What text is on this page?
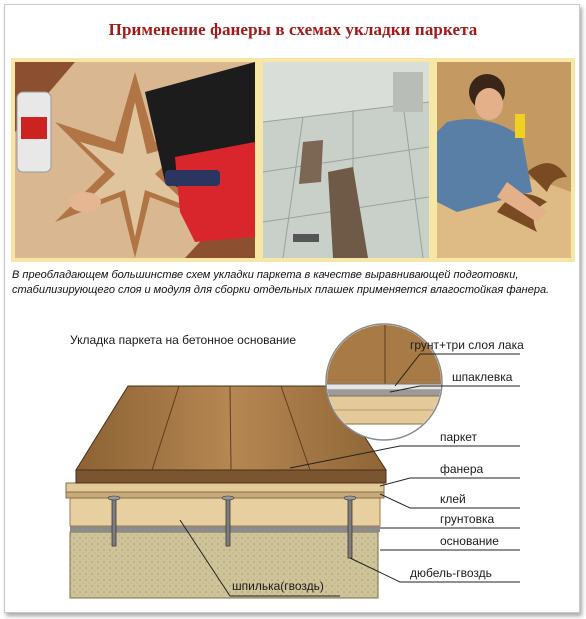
Применение фанеры в схемах укладки паркета
В преобладающем большинстве схем укладки паркета в качестве выравнивающей подготовки, стабилизирующего слоя и модуля для сборки отдельных плашек применяется влагостойкая фанера.
Укладка паркета на бетонное основание	грунт+три слоя лака
шпаклевка
паркет
фанера
клей
грунтовка
основание
шпилька(гвоздь)
дюбель-гвоздь
